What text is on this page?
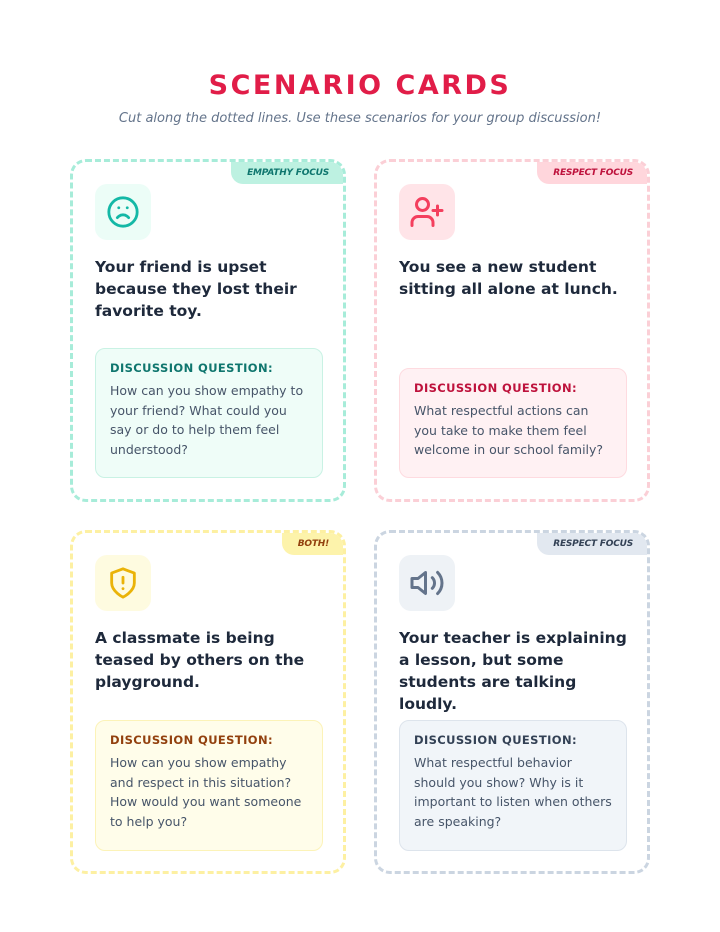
SCENARIO CARDS
Cut along the dotted lines. Use these scenarios for your group discussion!
EMPATHY FOCUS

Your friend is upset because they lost their favorite toy.

DISCUSSION QUESTION:

How can you show empathy to your friend? What could you say or do to help them feel understood?

RESPECT FOCUS

You see a new student sitting all alone at lunch.

DISCUSSION QUESTION:

What respectful actions can you take to make them feel welcome in our school family?

BOTH!

A classmate is being teased by others on the playground.

DISCUSSION QUESTION:

How can you show empathy and respect in this situation? How would you want someone to help you?

RESPECT FOCUS

Your teacher is explaining a lesson, but some students are talking loudly.

DISCUSSION QUESTION:

What respectful behavior should you show? Why is it important to listen when others are speaking?
